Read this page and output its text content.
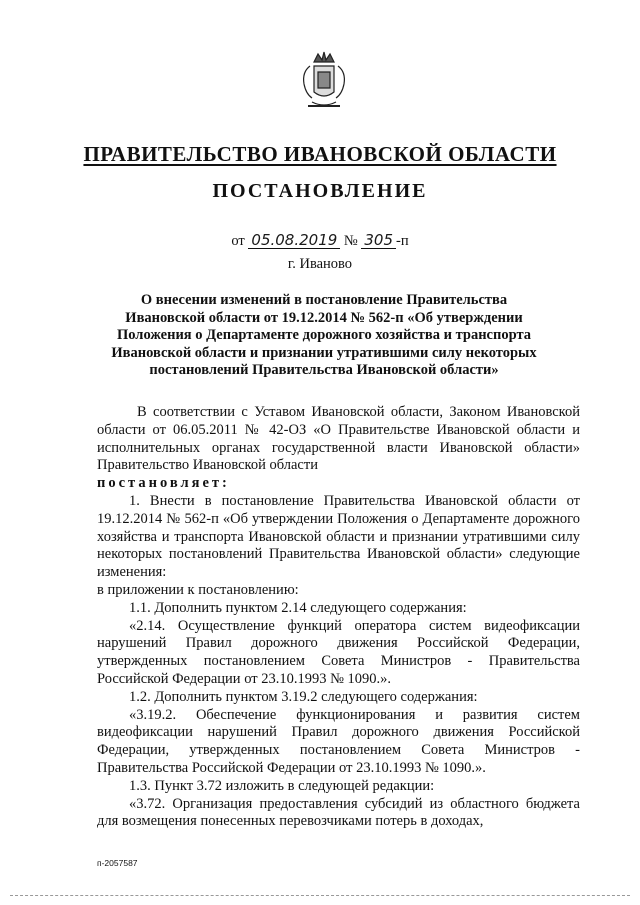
ПРАВИТЕЛЬСТВО ИВАНОВСКОЙ ОБЛАСТИ
ПОСТАНОВЛЕНИЕ
от 05.08.2019 № 305 -п
г. Иваново
О внесении изменений в постановление Правительства Ивановской области от 19.12.2014 № 562-п «Об утверждении Положения о Департаменте дорожного хозяйства и транспорта Ивановской области и признании утратившими силу некоторых постановлений Правительства Ивановской области»

В соответствии с Уставом Ивановской области, Законом Ивановской области от 06.05.2011 № 42-ОЗ «О Правительстве Ивановской области и исполнительных органах государственной власти Ивановской области» Правительство Ивановской области

постановляет:

1. Внести в постановление Правительства Ивановской области от 19.12.2014 № 562-п «Об утверждении Положения о Департаменте дорожного хозяйства и транспорта Ивановской области и признании утратившими силу некоторых постановлений Правительства Ивановской области» следующие изменения:

в приложении к постановлению:

1.1. Дополнить пунктом 2.14 следующего содержания:

«2.14. Осуществление функций оператора систем видеофиксации нарушений Правил дорожного движения Российской Федерации, утвержденных постановлением Совета Министров - Правительства Российской Федерации от 23.10.1993 № 1090.».

1.2. Дополнить пунктом 3.19.2 следующего содержания:

«3.19.2. Обеспечение функционирования и развития систем видеофиксации нарушений Правил дорожного движения Российской Федерации, утвержденных постановлением Совета Министров - Правительства Российской Федерации от 23.10.1993 № 1090.».

1.3. Пункт 3.72 изложить в следующей редакции:

«3.72. Организация предоставления субсидий из областного бюджета для возмещения понесенных перевозчиками потерь в доходах,

п-2057587
